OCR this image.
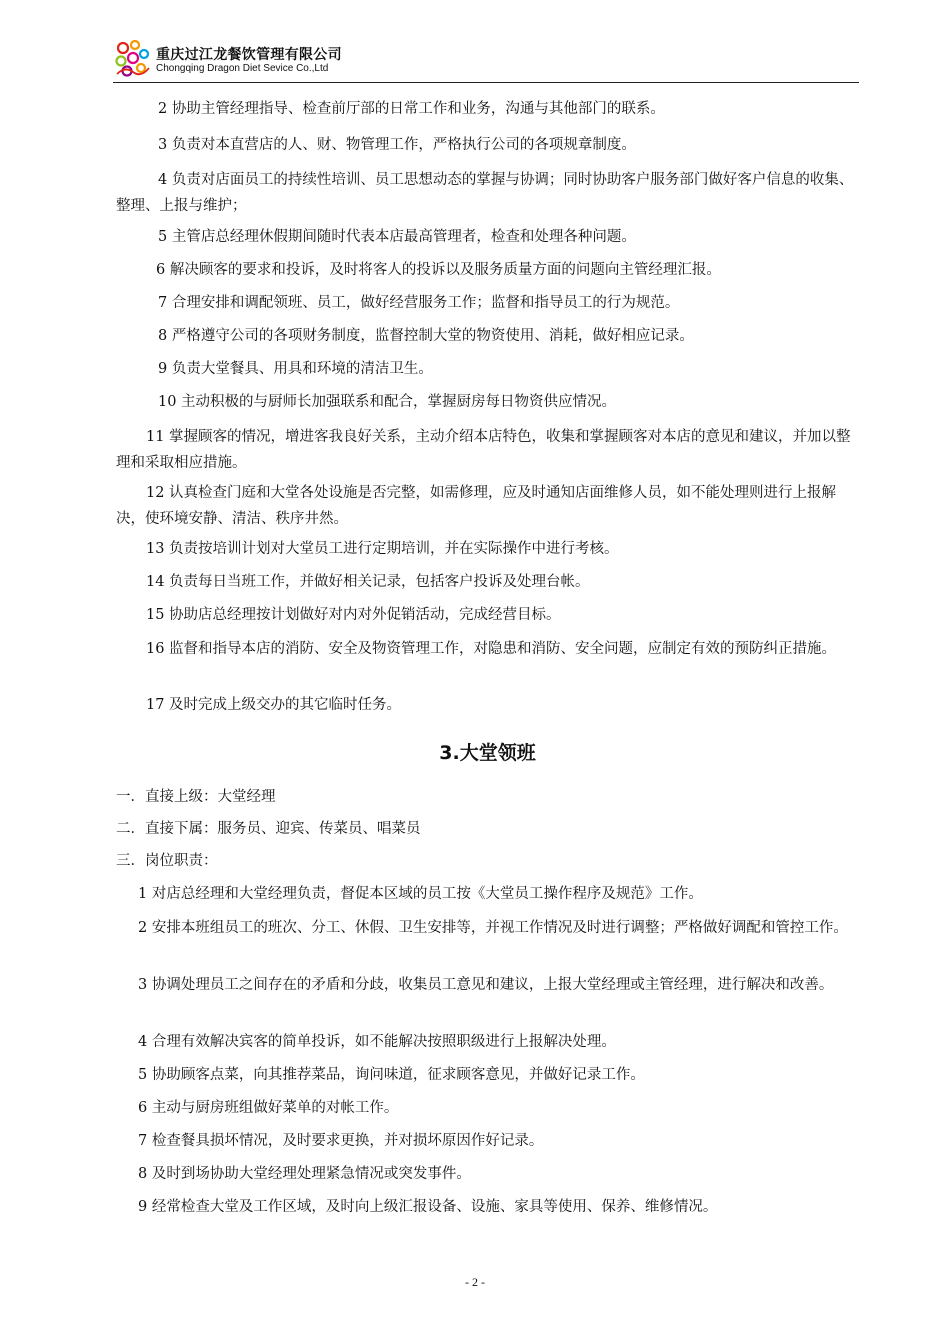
重庆过江龙餐饮管理有限公司
Chongqing Dragon Diet Sevice Co.,Ltd
2 协助主管经理指导、检查前厅部的日常工作和业务，沟通与其他部门的联系。
3 负责对本直营店的人、财、物管理工作，严格执行公司的各项规章制度。
4 负责对店面员工的持续性培训、员工思想动态的掌握与协调；同时协助客户服务部门做好客户信息的收集、整理、上报与维护；
5 主管店总经理休假期间随时代表本店最高管理者，检查和处理各种问题。
6 解决顾客的要求和投诉，及时将客人的投诉以及服务质量方面的问题向主管经理汇报。
7 合理安排和调配领班、员工，做好经营服务工作；监督和指导员工的行为规范。
8 严格遵守公司的各项财务制度，监督控制大堂的物资使用、消耗，做好相应记录。
9 负责大堂餐具、用具和环境的清洁卫生。
10 主动积极的与厨师长加强联系和配合，掌握厨房每日物资供应情况。
11 掌握顾客的情况，增进客我良好关系，主动介绍本店特色，收集和掌握顾客对本店的意见和建议，并加以整理和采取相应措施。
12 认真检查门庭和大堂各处设施是否完整，如需修理，应及时通知店面维修人员，如不能处理则进行上报解决，使环境安静、清洁、秩序井然。
13 负责按培训计划对大堂员工进行定期培训，并在实际操作中进行考核。
14 负责每日当班工作，并做好相关记录，包括客户投诉及处理台帐。
15 协助店总经理按计划做好对内对外促销活动，完成经营目标。
16 监督和指导本店的消防、安全及物资管理工作，对隐患和消防、安全问题，应制定有效的预防纠正措施。
17 及时完成上级交办的其它临时任务。
3.大堂领班
一．直接上级：大堂经理
二．直接下属：服务员、迎宾、传菜员、唱菜员
三．岗位职责：
1 对店总经理和大堂经理负责，督促本区域的员工按《大堂员工操作程序及规范》工作。
2 安排本班组员工的班次、分工、休假、卫生安排等，并视工作情况及时进行调整；严格做好调配和管控工作。
3 协调处理员工之间存在的矛盾和分歧，收集员工意见和建议，上报大堂经理或主管经理，进行解决和改善。
4 合理有效解决宾客的简单投诉，如不能解决按照职级进行上报解决处理。
5 协助顾客点菜，向其推荐菜品，询问味道，征求顾客意见，并做好记录工作。
6 主动与厨房班组做好菜单的对帐工作。
7 检查餐具损坏情况，及时要求更换，并对损坏原因作好记录。
8 及时到场协助大堂经理处理紧急情况或突发事件。
9 经常检查大堂及工作区域，及时向上级汇报设备、设施、家具等使用、保养、维修情况。
- 2 -
